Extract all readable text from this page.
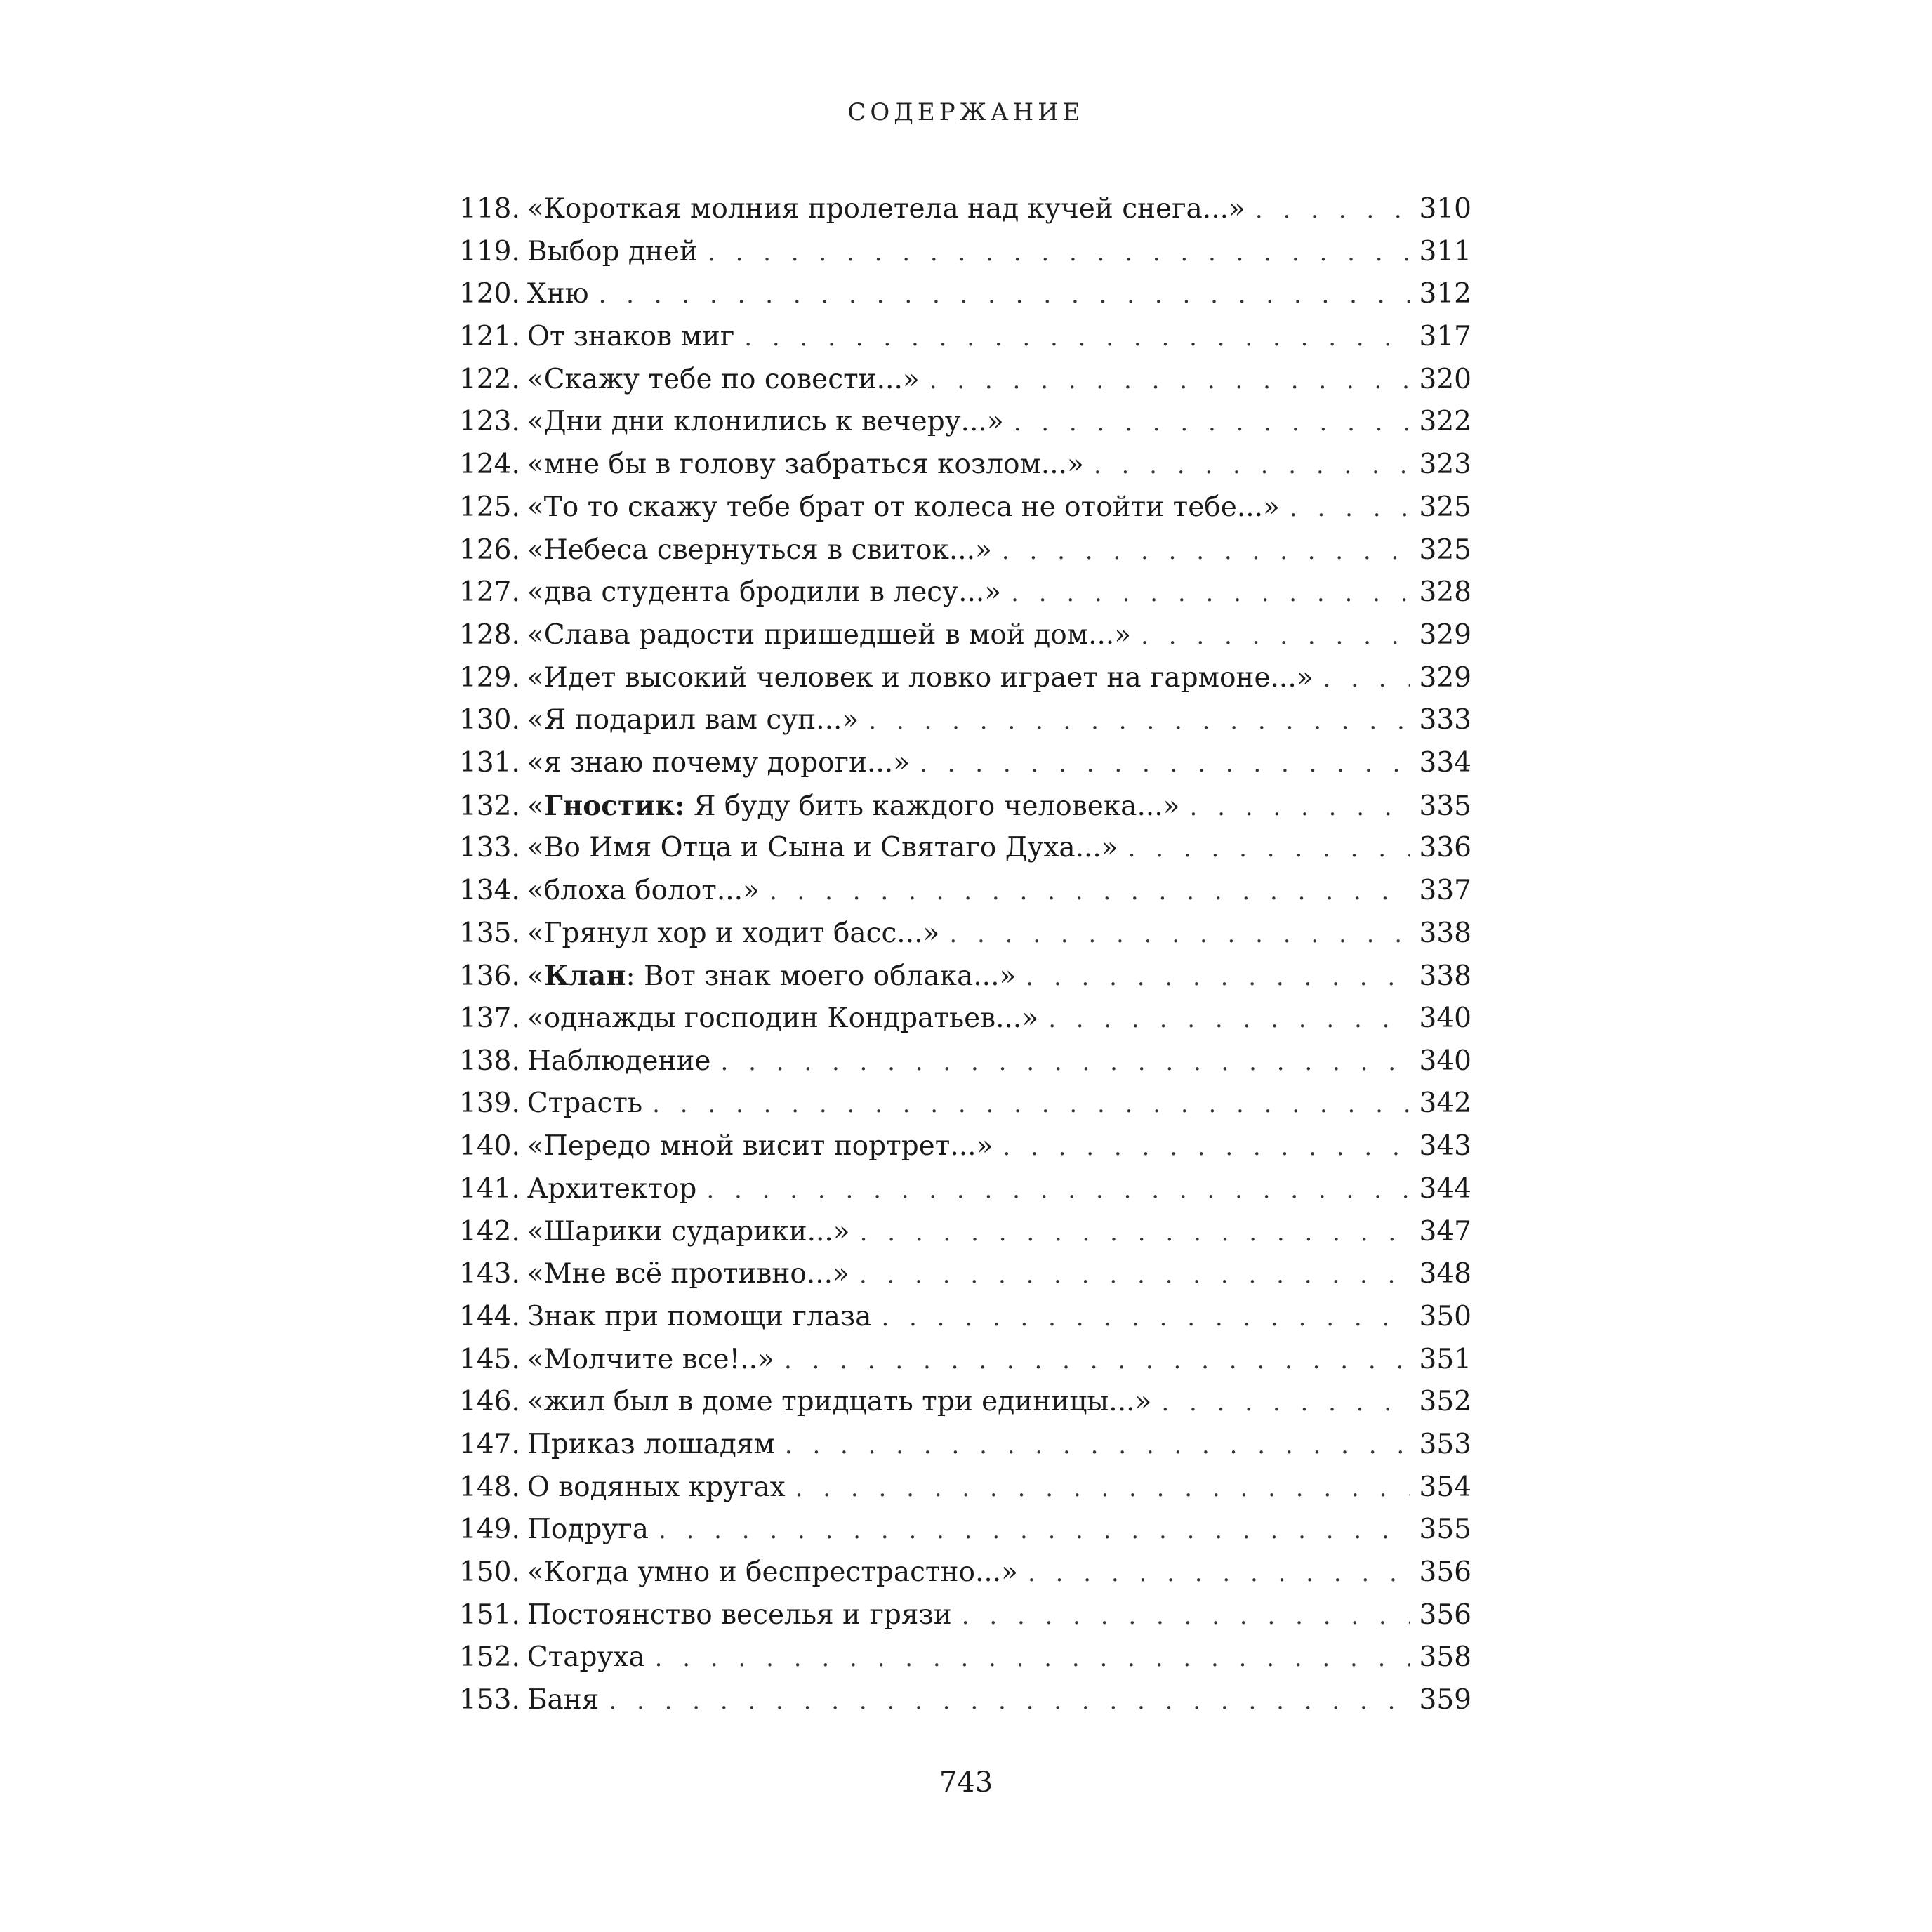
СОДЕРЖАНИЕ
118. «Короткая молния пролетела над кучей снега...» . . .	310
119. Выбор дней . . .	311
120. Хню . . .	312
121. От знаков миг . . .	317
122. «Скажу тебе по совести...» . . .	320
123. «Дни дни клонились к вечеру...» . . .	322
124. «мне бы в голову забраться козлом...» . . .	323
125. «То то скажу тебе брат от колеса не отойти тебе...» . . .	325
126. «Небеса свернуться в свиток...» . . .	325
127. «два студента бродили в лесу...» . . .	328
128. «Слава радости пришедшей в мой дом...» . . .	329
129. «Идет высокий человек и ловко играет на гармоне...» . . .	329
130. «Я подарил вам суп...» . . .	333
131. «я знаю почему дороги...» . . .	334
132. «Гностик: Я буду бить каждого человека...» . . .	335
133. «Во Имя Отца и Сына и Святаго Духа...» . . .	336
134. «блоха болот...» . . .	337
135. «Грянул хор и ходит басс...» . . .	338
136. «Клан: Вот знак моего облака...» . . .	338
137. «однажды господин Кондратьев...» . . .	340
138. Наблюдение . . .	340
139. Страсть . . .	342
140. «Передо мной висит портрет...» . . .	343
141. Архитектор . . .	344
142. «Шарики сударики...» . . .	347
143. «Мне всё противно...» . . .	348
144. Знак при помощи глаза . . .	350
145. «Молчите все!..» . . .	351
146. «жил был в доме тридцать три единицы...» . . .	352
147. Приказ лошадям . . .	353
148. О водяных кругах . . .	354
149. Подруга . . .	355
150. «Когда умно и беспрестрастно...» . . .	356
151. Постоянство веселья и грязи . . .	356
152. Старуха . . .	358
153. Баня . . .	359
743
